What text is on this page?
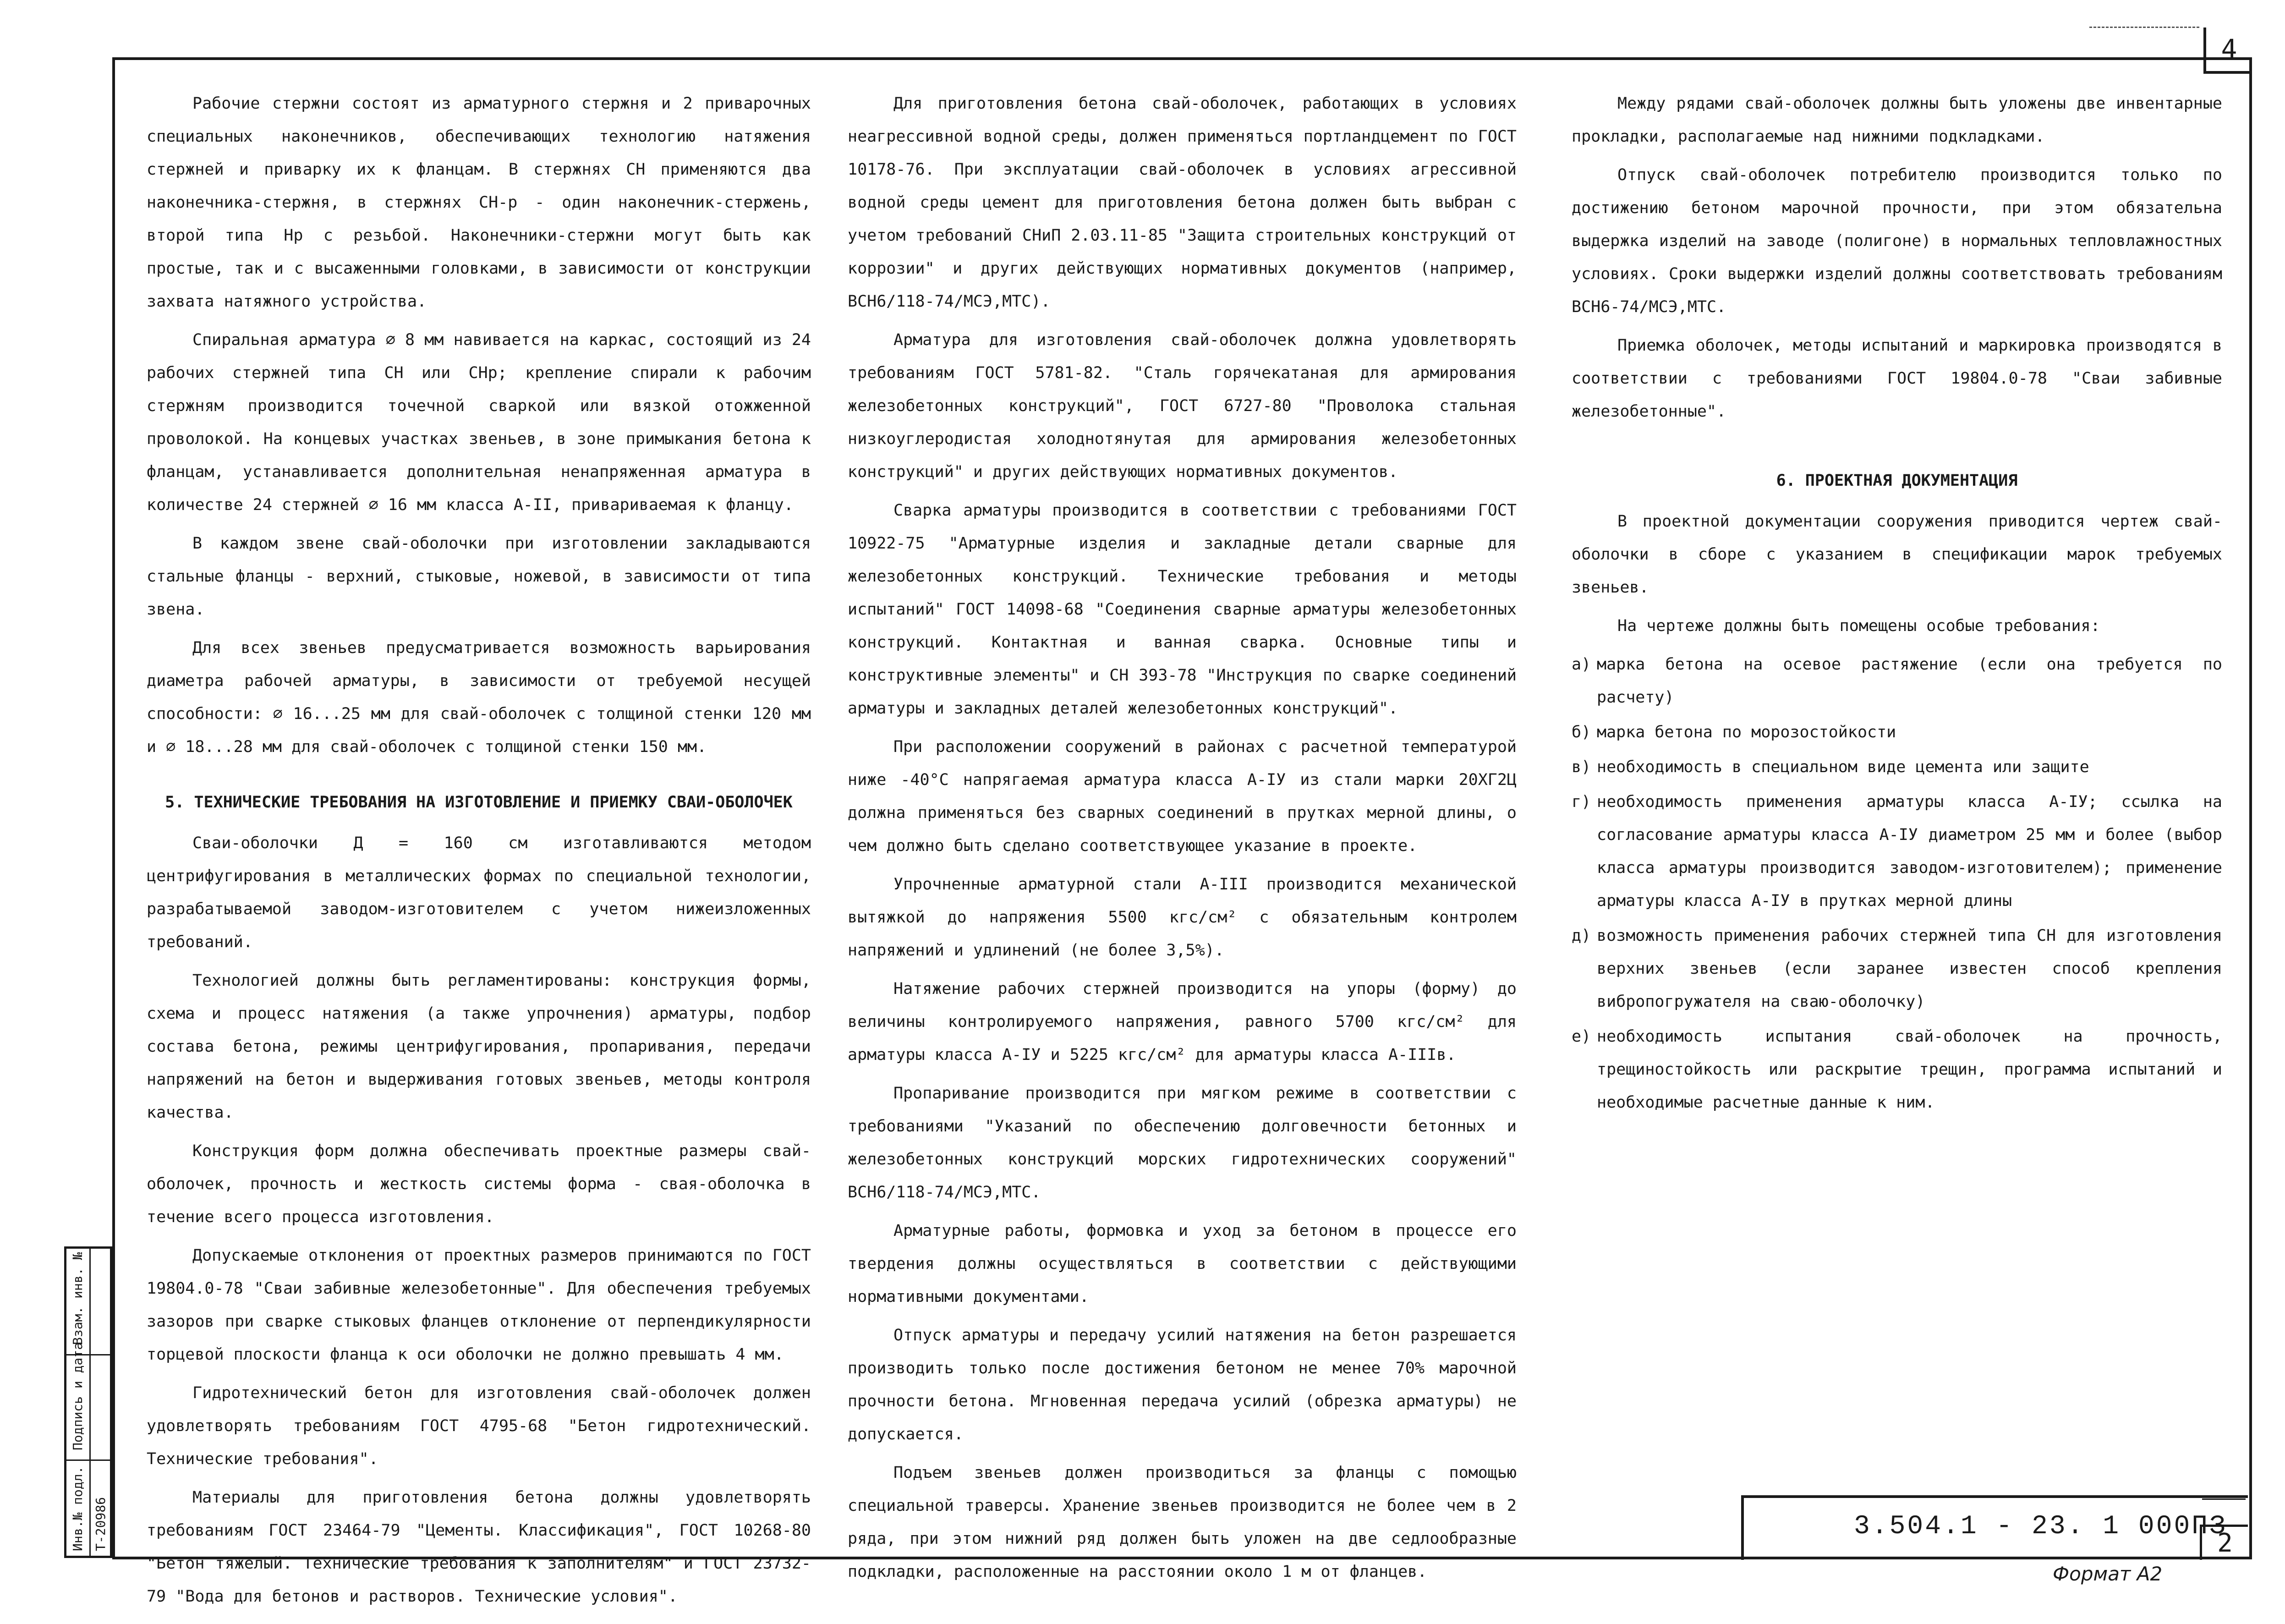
4

Рабочие стержни состоят из арматурного стержня и 2 приварочных специальных наконечников, обеспечивающих технологию натяжения стержней и приварку их к фланцам. В стержнях СН применяются два наконечника-стержня, в стержнях СН-р - один наконечник-стержень, второй типа Нр с резьбой. Наконечники-стержни могут быть как простые, так и с высаженными головками, в зависимости от конструкции захвата натяжного устройства.

Спиральная арматура ∅ 8 мм навивается на каркас, состоящий из 24 рабочих стержней типа СН или СНр; крепление спирали к рабочим стержням производится точечной сваркой или вязкой отожженной проволокой. На концевых участках звеньев, в зоне примыкания бетона к фланцам, устанавливается дополнительная ненапряженная арматура в количестве 24 стержней ∅ 16 мм класса А-II, привариваемая к фланцу.

В каждом звене свай-оболочки при изготовлении закладываются стальные фланцы - верхний, стыковые, ножевой, в зависимости от типа звена.

Для всех звеньев предусматривается возможность варьирования диаметра рабочей арматуры, в зависимости от требуемой несущей способности: ∅ 16...25 мм для свай-оболочек с толщиной стенки 120 мм и ∅ 18...28 мм для свай-оболочек с толщиной стенки 150 мм.

5. ТЕХНИЧЕСКИЕ ТРЕБОВАНИЯ НА ИЗГОТОВЛЕНИЕ И ПРИЕМКУ СВАИ-ОБОЛОЧЕК

Сваи-оболочки Д = 160 см изготавливаются методом центрифугирования в металлических формах по специальной технологии, разрабатываемой заводом-изготовителем с учетом нижеизложенных требований.

Технологией должны быть регламентированы: конструкция формы, схема и процесс натяжения (а также упрочнения) арматуры, подбор состава бетона, режимы центрифугирования, пропаривания, передачи напряжений на бетон и выдерживания готовых звеньев, методы контроля качества.

Конструкция форм должна обеспечивать проектные размеры свай-оболочек, прочность и жесткость системы форма - свая-оболочка в течение всего процесса изготовления.

Допускаемые отклонения от проектных размеров принимаются по ГОСТ 19804.0-78 "Сваи забивные железобетонные". Для обеспечения требуемых зазоров при сварке стыковых фланцев отклонение от перпендикулярности торцевой плоскости фланца к оси оболочки не должно превышать 4 мм.

Гидротехнический бетон для изготовления свай-оболочек должен удовлетворять требованиям ГОСТ 4795-68 "Бетон гидротехнический. Технические требования".

Материалы для приготовления бетона должны удовлетворять требованиям ГОСТ 23464-79 "Цементы. Классификация", ГОСТ 10268-80 "Бетон тяжелый. Технические требования к заполнителям" и ГОСТ 23732-79 "Вода для бетонов и растворов. Технические условия".

Для приготовления бетона свай-оболочек, работающих в условиях неагрессивной водной среды, должен применяться портландцемент по ГОСТ 10178-76. При эксплуатации свай-оболочек в условиях агрессивной водной среды цемент для приготовления бетона должен быть выбран с учетом требований СНиП 2.03.11-85 "Защита строительных конструкций от коррозии" и других действующих нормативных документов (например, ВСН6/118-74/МСЭ,МТС).

Арматура для изготовления свай-оболочек должна удовлетворять требованиям ГОСТ 5781-82. "Сталь горячекатаная для армирования железобетонных конструкций", ГОСТ 6727-80 "Проволока стальная низкоуглеродистая холоднотянутая для армирования железобетонных конструкций" и других действующих нормативных документов.

Сварка арматуры производится в соответствии с требованиями ГОСТ 10922-75 "Арматурные изделия и закладные детали сварные для железобетонных конструкций. Технические требования и методы испытаний" ГОСТ 14098-68 "Соединения сварные арматуры железобетонных конструкций. Контактная и ванная сварка. Основные типы и конструктивные элементы" и СН 393-78 "Инструкция по сварке соединений арматуры и закладных деталей железобетонных конструкций".

При расположении сооружений в районах с расчетной температурой ниже -40°С напрягаемая арматура класса А-IУ из стали марки 20ХГ2Ц должна применяться без сварных соединений в прутках мерной длины, о чем должно быть сделано соответствующее указание в проекте.

Упрочненные арматурной стали А-III производится механической вытяжкой до напряжения 5500 кгс/см² с обязательным контролем напряжений и удлинений (не более 3,5%).

Натяжение рабочих стержней производится на упоры (форму) до величины контролируемого напряжения, равного 5700 кгс/см² для арматуры класса А-IУ и 5225 кгс/см² для арматуры класса А-IIIв.

Пропаривание производится при мягком режиме в соответствии с требованиями "Указаний по обеспечению долговечности бетонных и железобетонных конструкций морских гидротехнических сооружений" ВСН6/118-74/МСЭ,МТС.

Арматурные работы, формовка и уход за бетоном в процессе его твердения должны осуществляться в соответствии с действующими нормативными документами.

Отпуск арматуры и передачу усилий натяжения на бетон разрешается производить только после достижения бетоном не менее 70% марочной прочности бетона. Мгновенная передача усилий (обрезка арматуры) не допускается.

Подъем звеньев должен производиться за фланцы с помощью специальной траверсы. Хранение звеньев производится не более чем в 2 ряда, при этом нижний ряд должен быть уложен на две седлообразные подкладки, расположенные на расстоянии около 1 м от фланцев.

Между рядами свай-оболочек должны быть уложены две инвентарные прокладки, располагаемые над нижними подкладками.

Отпуск свай-оболочек потребителю производится только по достижению бетоном марочной прочности, при этом обязательна выдержка изделий на заводе (полигоне) в нормальных тепловлажностных условиях. Сроки выдержки изделий должны соответствовать требованиям ВСН6-74/МСЭ,МТС.

Приемка оболочек, методы испытаний и маркировка производятся в соответствии с требованиями ГОСТ 19804.0-78 "Сваи забивные железобетонные".

6. ПРОЕКТНАЯ ДОКУМЕНТАЦИЯ

В проектной документации сооружения приводится чертеж свай-оболочки в сборе с указанием в спецификации марок требуемых звеньев.

На чертеже должны быть помещены особые требования:

а) марка бетона на осевое растяжение (если она требуется по расчету)
б) марка бетона по морозостойкости
в) необходимость в специальном виде цемента или защите
г) необходимость применения арматуры класса А-IУ; ссылка на согласование арматуры класса А-IУ диаметром 25 мм и более (выбор класса арматуры производится заводом-изготовителем); применение арматуры класса А-IУ в прутках мерной длины
д) возможность применения рабочих стержней типа СН для изготовления верхних звеньев (если заранее известен способ крепления вибропогружателя на сваю-оболочку)
е) необходимость испытания свай-оболочек на прочность, трещиностойкость или раскрытие трещин, программа испытаний и необходимые расчетные данные к ним.
3.504.1 - 23. 1 000ПЗ
2
Формат А2
Инв.№ подл. Т-20986
Подпись и дата
Взам. инв. №
